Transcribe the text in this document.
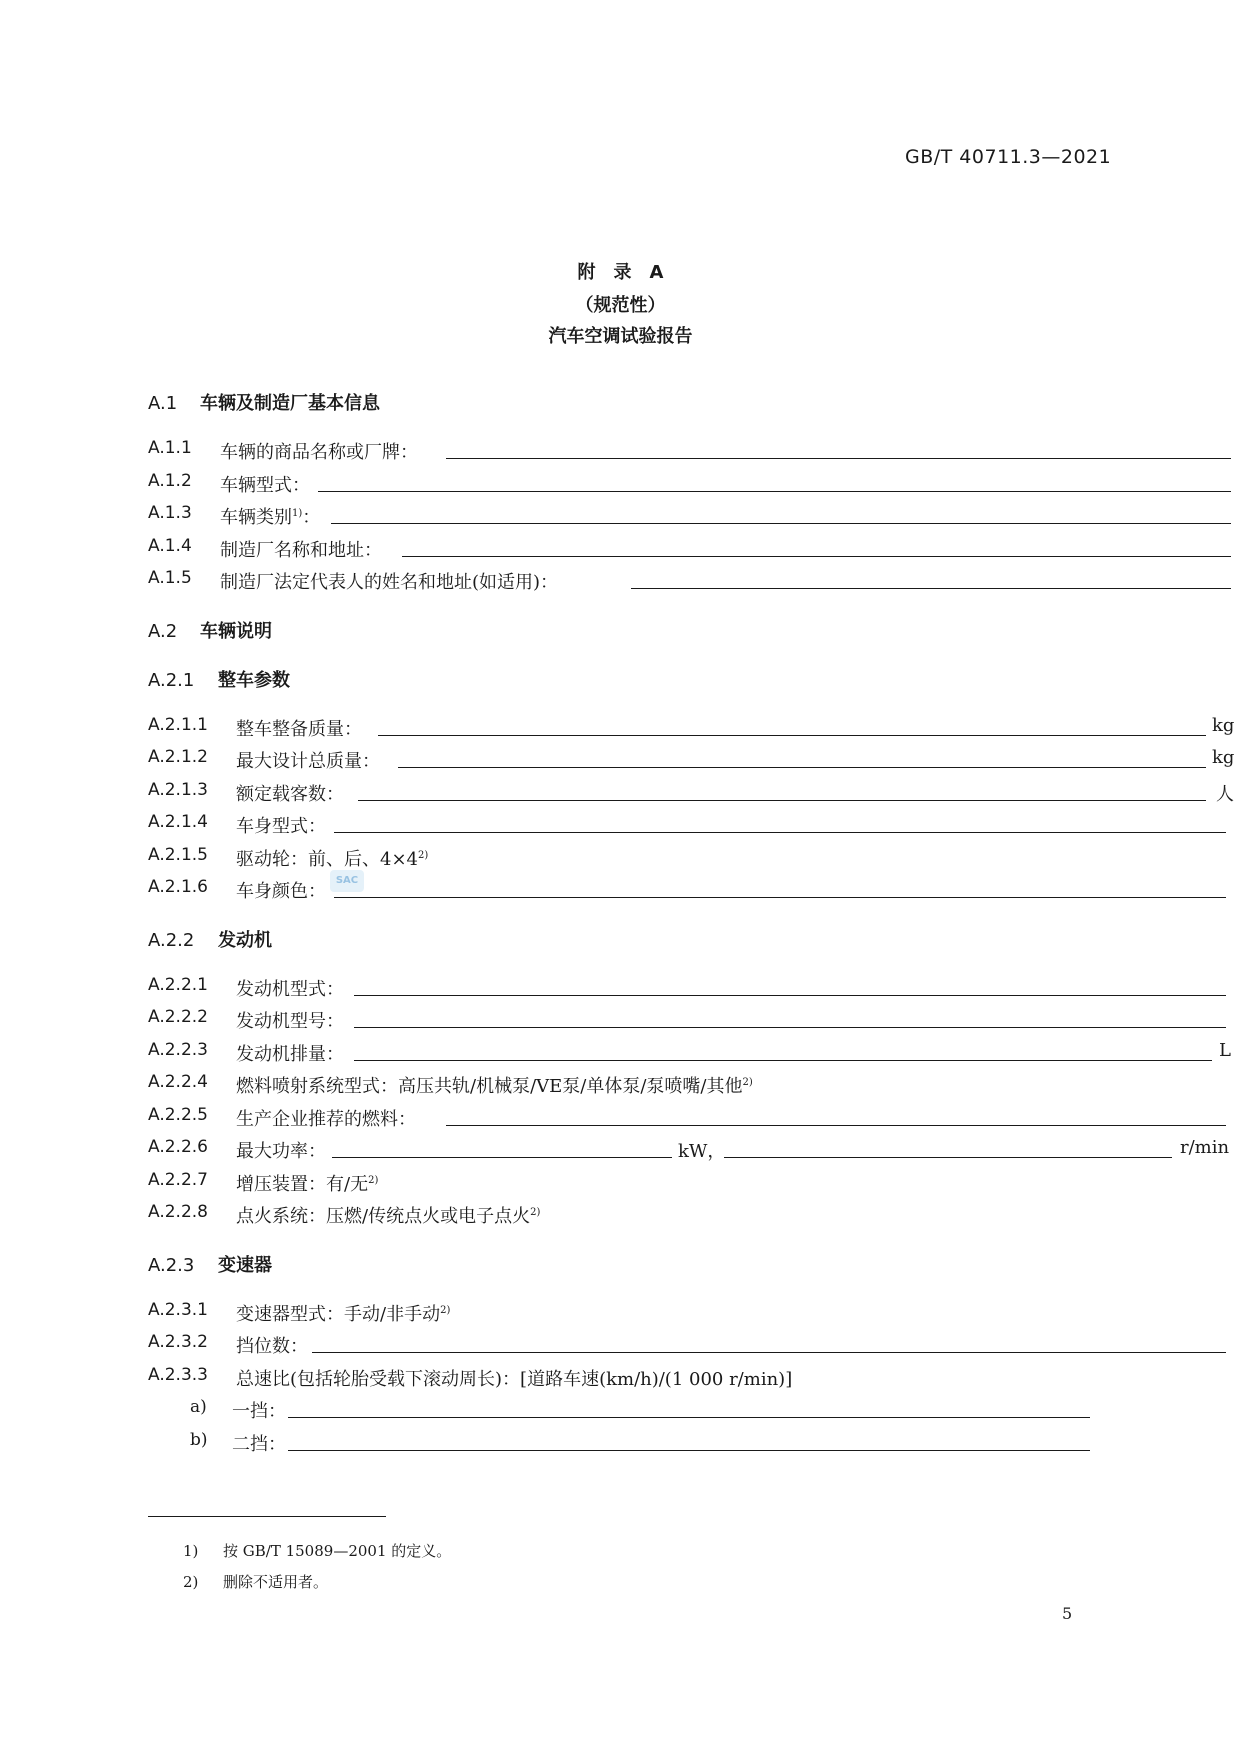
GB/T 40711.3—2021
附　录　A
（规范性）
汽车空调试验报告
A.1 车辆及制造厂基本信息
A.1.1 车辆的商品名称或厂牌：
A.1.2 车辆型式：
A.1.3 车辆类别$^{1)}$：
A.1.4 制造厂名称和地址：
A.1.5 制造厂法定代表人的姓名和地址(如适用)：
A.2 车辆说明
A.2.1 整车参数
A.2.1.1 整车整备质量：	kg
A.2.1.2 最大设计总质量：	kg
A.2.1.3 额定载客数：	人
A.2.1.4 车身型式：
A.2.1.5 驱动轮：前、后、$4\times 4^{2)}$
A.2.1.6 车身颜色：
SAC
A.2.2 发动机
A.2.2.1 发动机型式：
A.2.2.2 发动机型号：
A.2.2.3 发动机排量：	L
A.2.2.4 燃料喷射系统型式：高压共轨/机械泵/VE泵/单体泵/泵喷嘴/其他$^{2)}$
A.2.2.5 生产企业推荐的燃料：
A.2.2.6 最大功率：	kW，	r/min
A.2.2.7 增压装置：有/无$^{2)}$
A.2.2.8 点火系统：压燃/传统点火或电子点火$^{2)}$
A.2.3 变速器
A.2.3.1 变速器型式：手动/非手动$^{2)}$
A.2.3.2 挡位数：
A.2.3.3 总速比(包括轮胎受载下滚动周长)：[道路车速(km/h)/(1 000 r/min)]
a) 一挡：
b) 二挡：
1) 按 GB/T 15089—2001 的定义。
2) 删除不适用者。
5
